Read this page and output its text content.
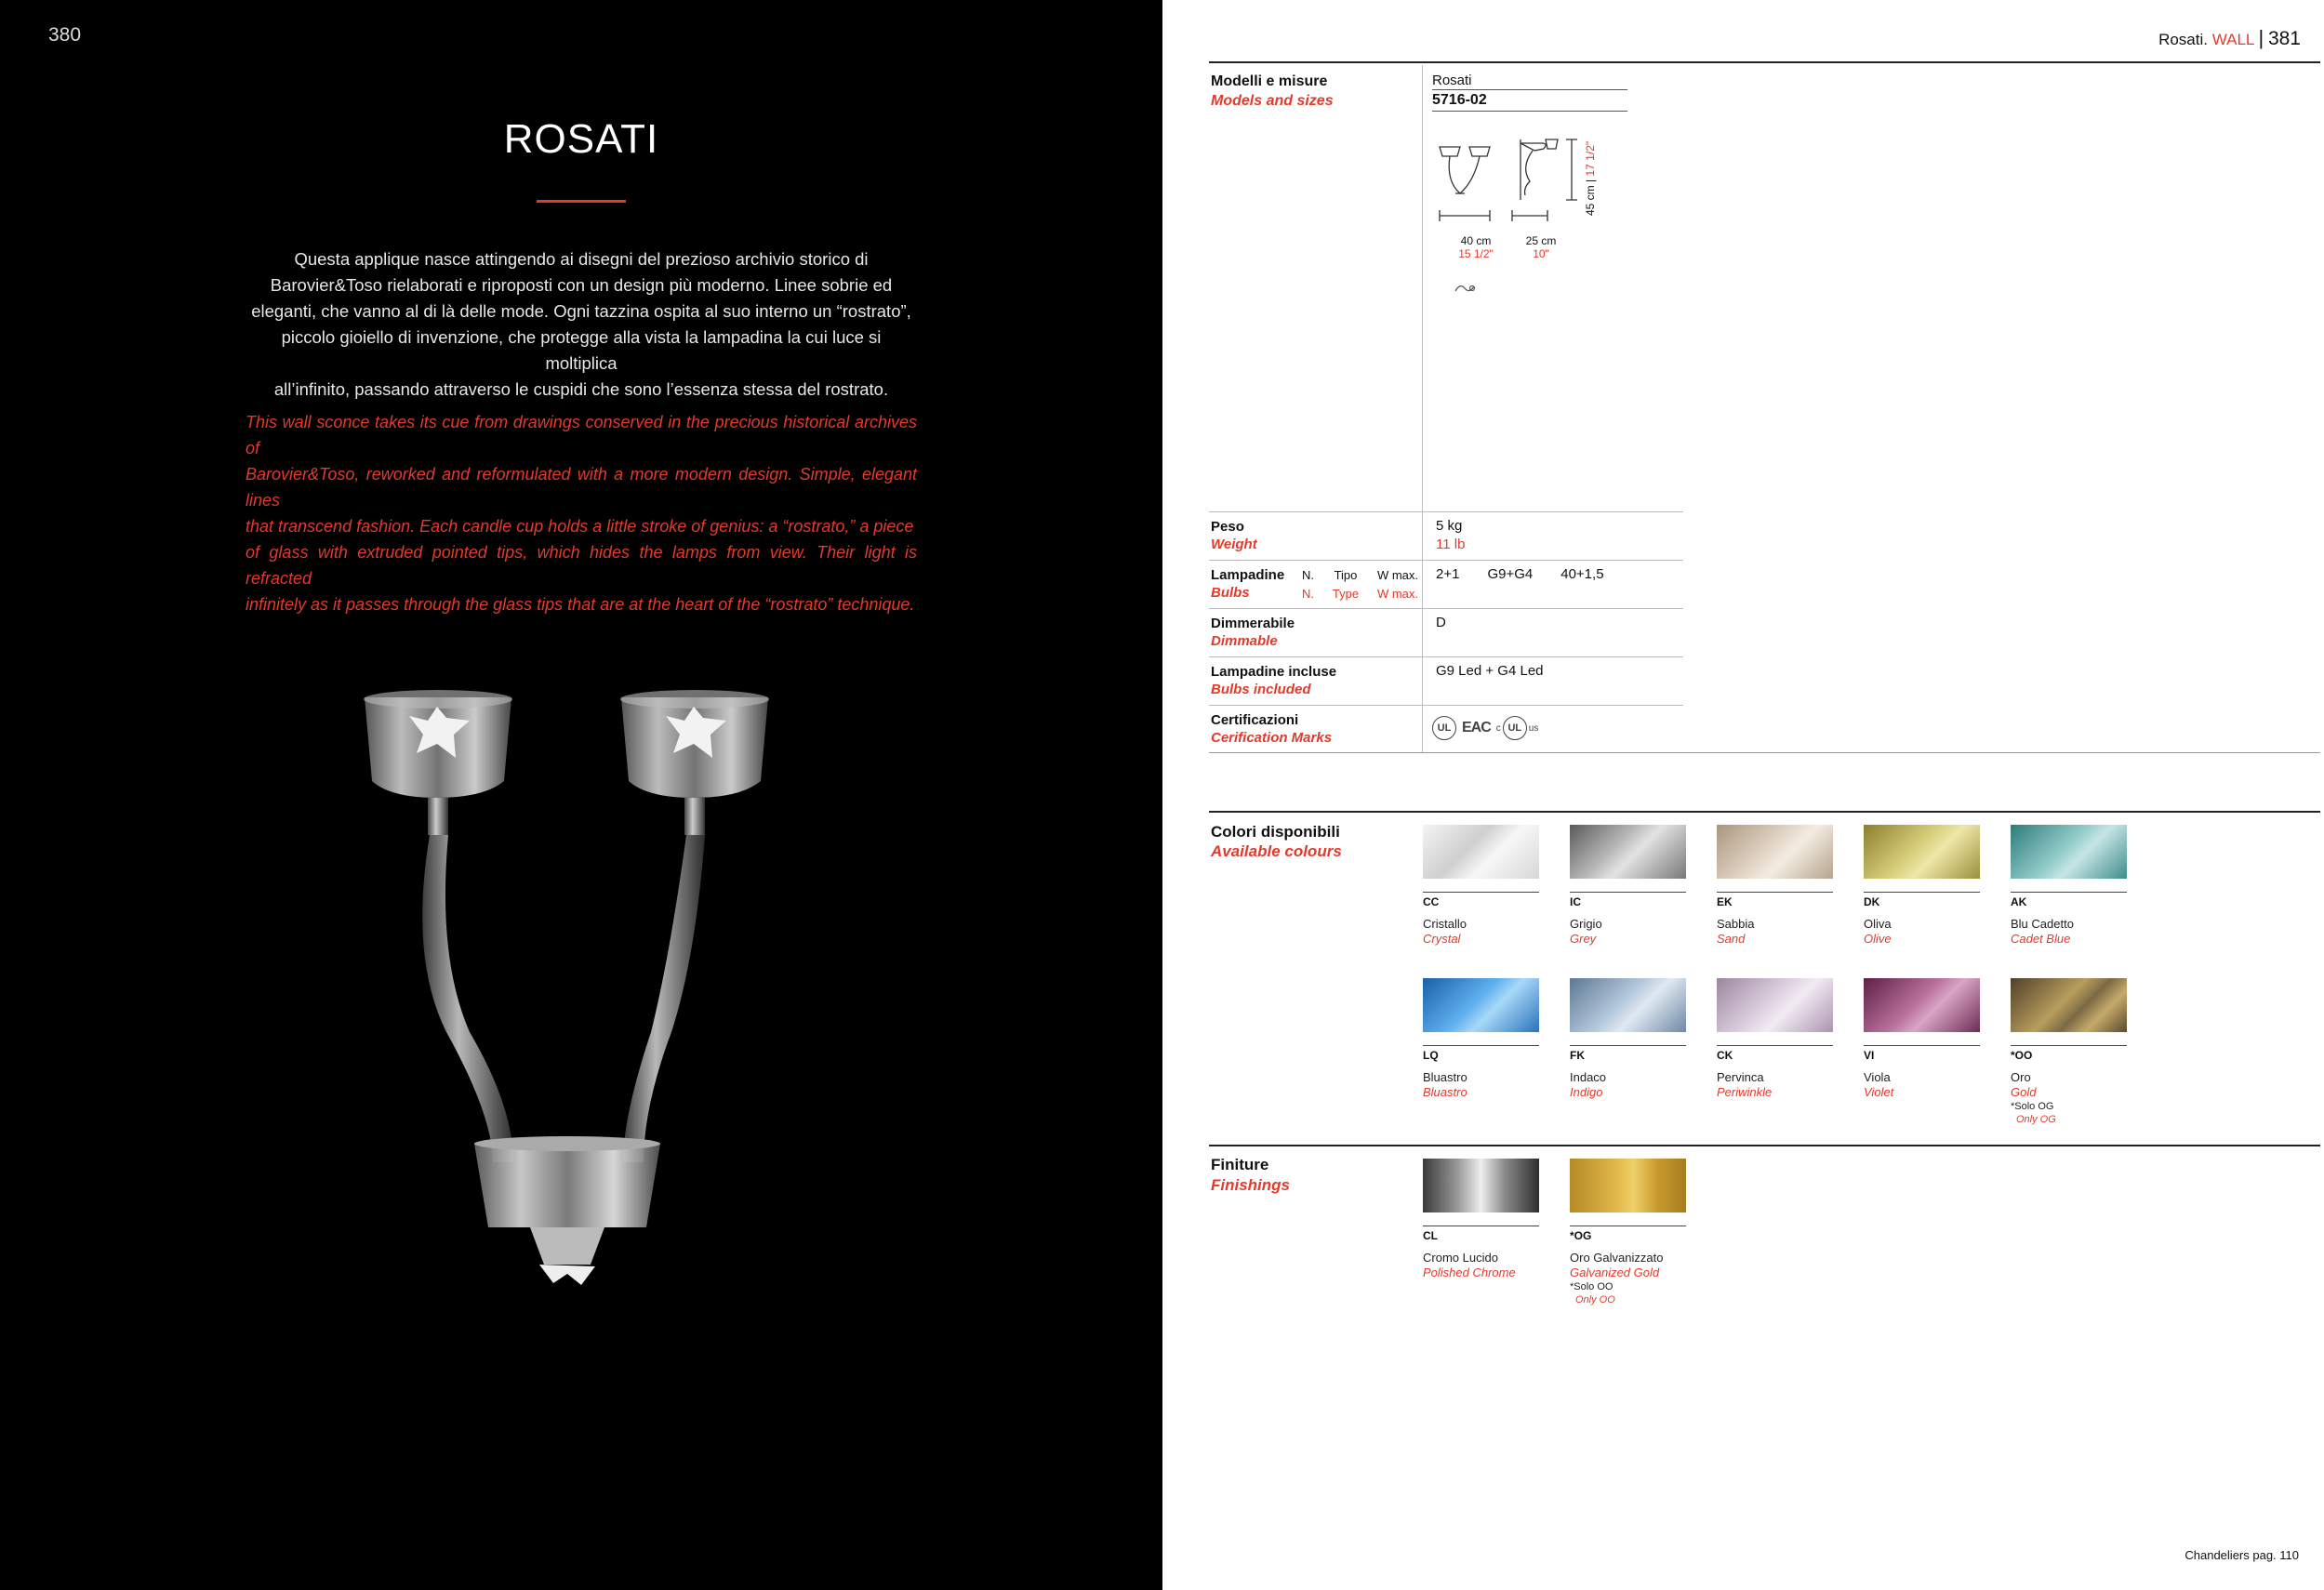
380
ROSATI
Questa applique nasce attingendo ai disegni del prezioso archivio storico di
Barovier&Toso rielaborati e riproposti con un design più moderno. Linee sobrie ed
eleganti, che vanno al di là delle mode. Ogni tazzina ospita al suo interno un “rostrato”,
piccolo gioiello di invenzione, che protegge alla vista la lampadina la cui luce si moltiplica
all’infinito, passando attraverso le cuspidi che sono l’essenza stessa del rostrato.
This wall sconce takes its cue from drawings conserved in the precious historical archives of
Barovier&Toso, reworked and reformulated with a more modern design. Simple, elegant lines
that transcend fashion. Each candle cup holds a little stroke of genius: a “rostrato,” a piece
of glass with extruded pointed tips, which hides the lamps from view. Their light is refracted
infinitely as it passes through the glass tips that are at the heart of the “rostrato” technique.
Rosati. WALL | 381
Modelli e misure
Models and sizes
Rosati
5716-02
40 cm
15 1/2"
25 cm
10"
45 cm | 17 1/2"
Peso
Weight
5 kg
11 lb
Lampadine
Bulbs
N. Tipo W max.
N. Type W max.
2+1 G9+G4 40+1,5
Dimmerabile
Dimmable
D
Lampadine incluse
Bulbs included
G9 Led + G4 Led
Certificazioni
Cerification Marks
UL EAC c UL us
Colori disponibili
Available colours
CC
Cristallo
Crystal
IC
Grigio
Grey
EK
Sabbia
Sand
DK
Oliva
Olive
AK
Blu Cadetto
Cadet Blue
LQ
Bluastro
Bluastro
FK
Indaco
Indigo
CK
Pervinca
Periwinkle
VI
Viola
Violet
*OO
Oro
Gold
*Solo OG
Only OG
Finiture
Finishings
CL
Cromo Lucido
Polished Chrome
*OG
Oro Galvanizzato
Galvanized Gold
*Solo OO
Only OO
Chandeliers pag. 110
